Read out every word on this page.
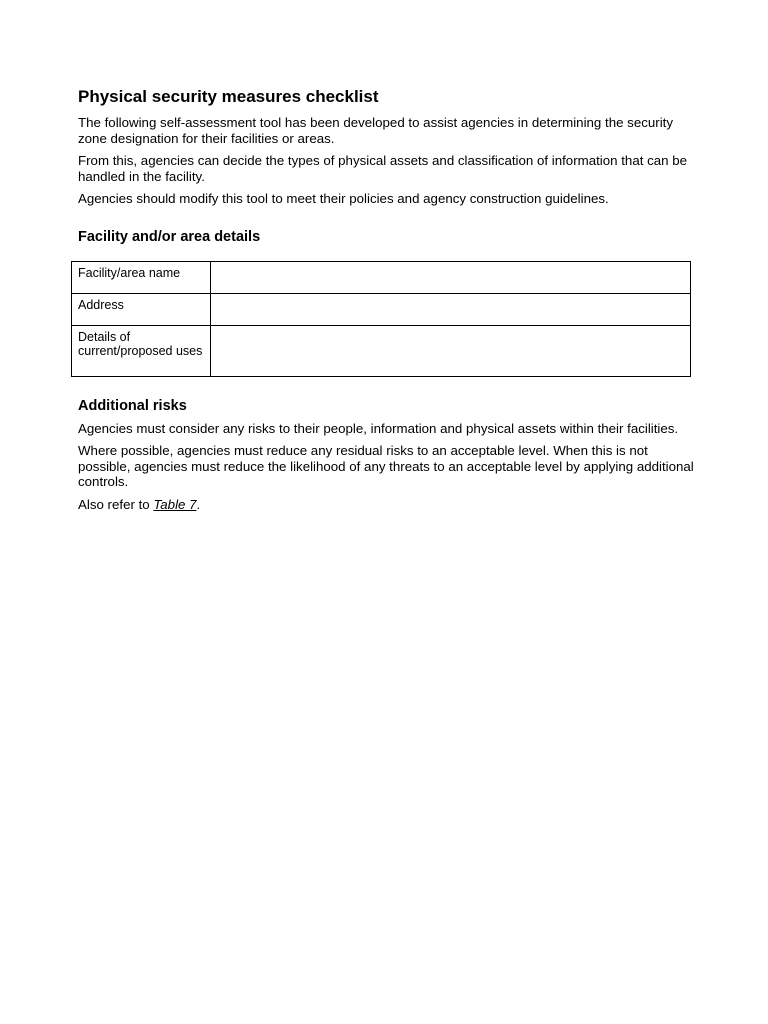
Physical security measures checklist

The following self-assessment tool has been developed to assist agencies in determining the security zone designation for their facilities or areas.

From this, agencies can decide the types of physical assets and classification of information that can be handled in the facility.

Agencies should modify this tool to meet their policies and agency construction guidelines.

Facility and/or area details
Facility/area name	
Address	
Details of current/proposed uses	
Additional risks

Agencies must consider any risks to their people, information and physical assets within their facilities.

Where possible, agencies must reduce any residual risks to an acceptable level. When this is not possible, agencies must reduce the likelihood of any threats to an acceptable level by applying additional controls.

Also refer to Table 7.
